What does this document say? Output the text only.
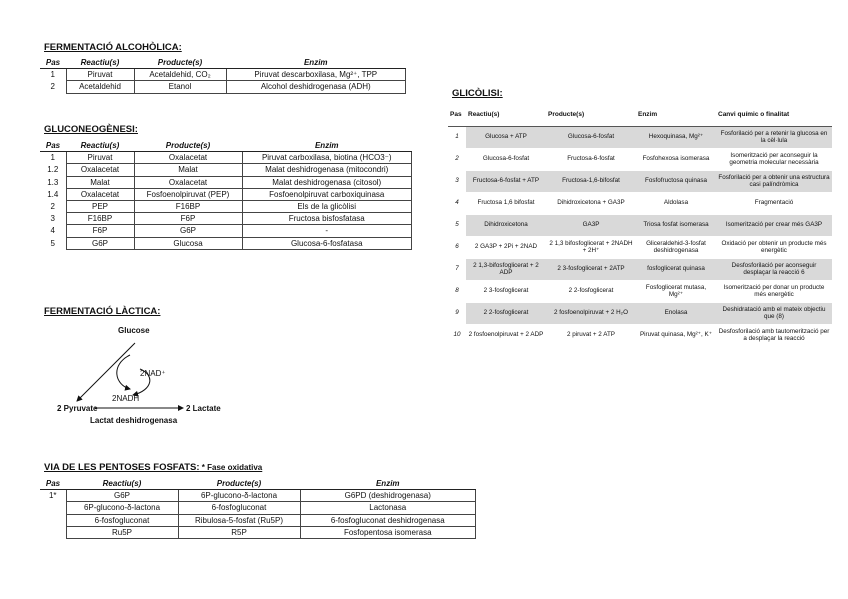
FERMENTACIÓ ALCOHÒLICA:
Pas	Reactiu(s)	Producte(s)	Enzim
1	Piruvat	Acetaldehid, CO₂	Piruvat descarboxilasa, Mg²⁺, TPP
2	Acetaldehid	Etanol	Alcohol deshidrogenasa (ADH)
GLUCONEOGÈNESI:
Pas	Reactiu(s)	Producte(s)	Enzim
1	Piruvat	Oxalacetat	Piruvat carboxilasa, biotina (HCO3⁻)
1.2	Oxalacetat	Malat	Malat deshidrogenasa (mitocondri)
1.3	Malat	Oxalacetat	Malat deshidrogenasa (citosol)
1.4	Oxalacetat	Fosfoenolpiruvat (PEP)	Fosfoenolpiruvat carboxiquinasa
2	PEP	F16BP	Els de la glicòlisi
3	F16BP	F6P	Fructosa bisfosfatasa
4	F6P	G6P	-
5	G6P	Glucosa	Glucosa-6-fosfatasa
FERMENTACIÓ LÀCTICA:
Glucose
2NAD⁺
2NADH
2 Pyruvate	2 Lactate
Lactat deshidrogenasa
VIA DE LES PENTOSES FOSFATS: * Fase oxidativa
Pas	Reactiu(s)	Producte(s)	Enzim
1*	G6P	6P-glucono-δ-lactona	G6PD (deshidrogenasa)
	6P-glucono-δ-lactona	6-fosfogluconat	Lactonasa
	6-fosfogluconat	Ribulosa-5-fosfat (Ru5P)	6-fosfogluconat deshidrogenasa
	Ru5P	R5P	Fosfopentosa isomerasa
GLICÒLISI:
Pas	Reactiu(s)	Producte(s)	Enzim	Canvi químic o finalitat
1	Glucosa + ATP	Glucosa-6-fosfat	Hexoquinasa, Mg²⁺	Fosforilació per a retenir la glucosa en la cèl·lula
2	Glucosa-6-fosfat	Fructosa-6-fosfat	Fosfohexosa isomerasa	Isomerització per aconseguir la geometria molecular necessària
3	Fructosa-6-fosfat + ATP	Fructosa-1,6-bifosfat	Fosfofructosa quinasa	Fosforilació per a obtenir una estructura casi palíndròmica
4	Fructosa 1,6 bifosfat	Dihidroxicetona + GA3P	Aldolasa	Fragmentació
5	Dihidroxicetona	GA3P	Triosa fosfat isomerasa	Isomerització per crear més GA3P
6	2 GA3P + 2Pi + 2NAD	2 1,3 bifosfoglicerat + 2NADH + 2H⁺	Gliceraldehid-3-fosfat deshidrogenasa	Oxidació per obtenir un producte més energètic
7	2 1,3-bifosfoglicerat + 2 ADP	2 3-fosfoglicerat + 2ATP	fosfoglicerat quinasa	Desfosforilació per aconseguir desplaçar la reacció 6
8	2 3-fosfoglicerat	2 2-fosfoglicerat	Fosfoglicerat mutasa, Mg²⁺	Isomerització per donar un producte més energètic
9	2 2-fosfoglicerat	2 fosfoenolpiruvat + 2 H₂O	Enolasa	Deshidratació amb el mateix objectiu que (8)
10	2 fosfoenolpiruvat + 2 ADP	2 piruvat + 2 ATP	Piruvat quinasa, Mg²⁺, K⁺	Desfosforilació amb tautomerització per a desplaçar la reacció
